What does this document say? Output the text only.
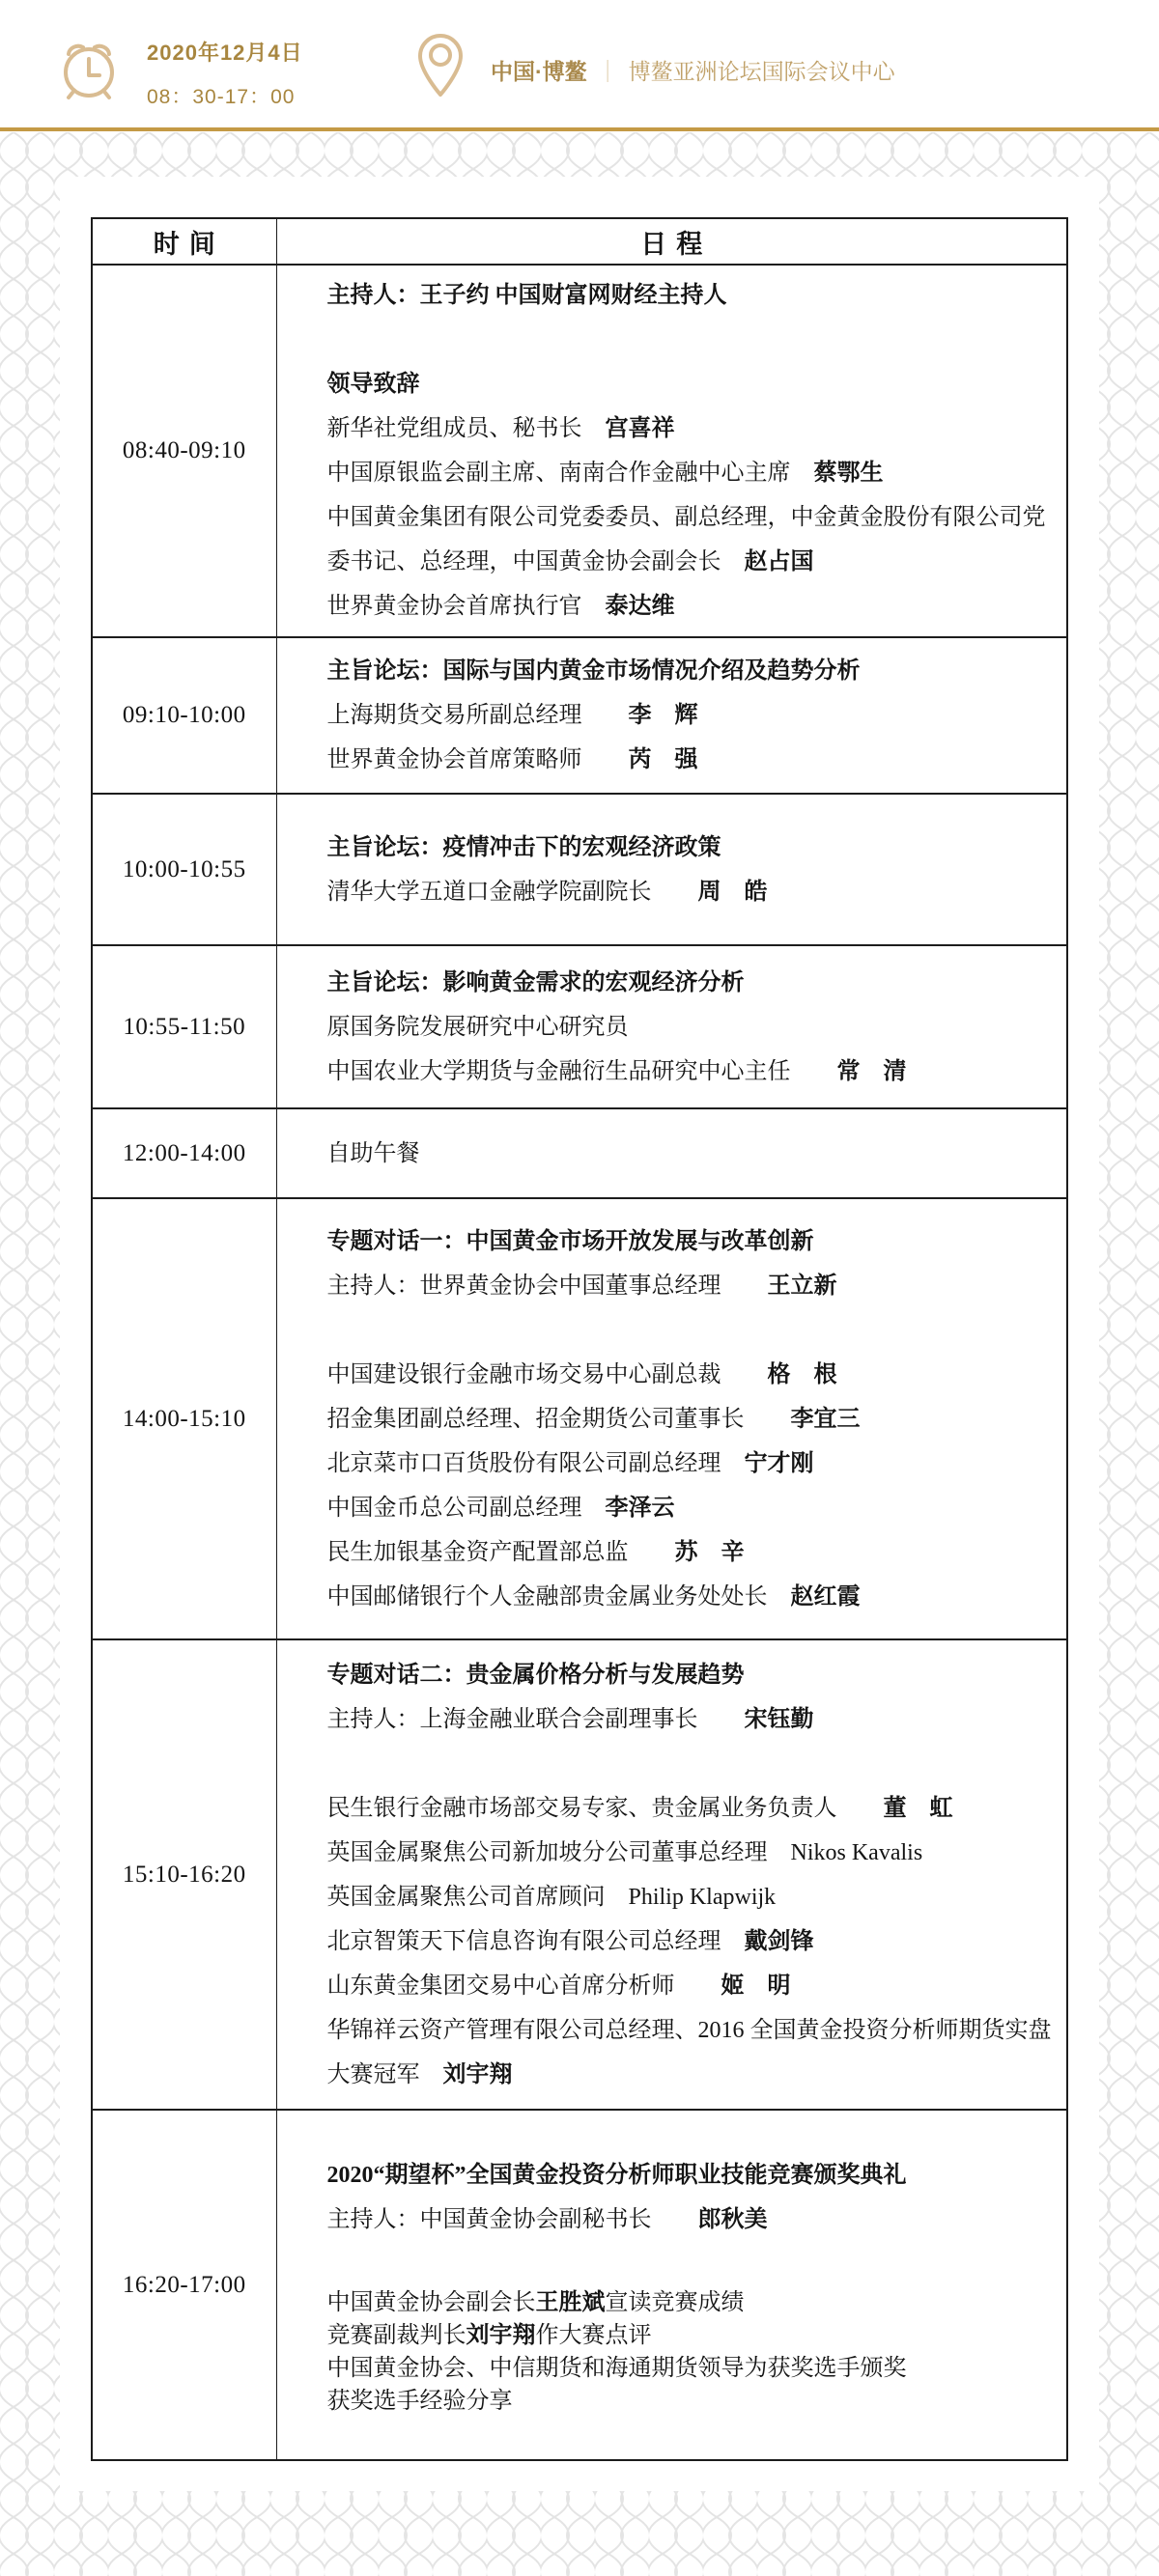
2020年12月4日
08：30-17：00
中国·博鳌 ｜ 博鳌亚洲论坛国际会议中心
时间	日程
08:40-09:10	
主持人：王子约 中国财富网财经主持人

领导致辞
新华社党组成员、秘书长　宫喜祥
中国原银监会副主席、南南合作金融中心主席　蔡鄂生
中国黄金集团有限公司党委委员、副总经理，中金黄金股份有限公司党委书记、总经理，中国黄金协会副会长　赵占国
世界黄金协会首席执行官　泰达维

09:10-10:00	主旨论坛：国际与国内黄金市场情况介绍及趋势分析
上海期货交易所副总经理　　李　辉
世界黄金协会首席策略师　　芮　强

10:00-10:55	主旨论坛：疫情冲击下的宏观经济政策
清华大学五道口金融学院副院长　　周　皓

10:55-11:50	主旨论坛：影响黄金需求的宏观经济分析
原国务院发展研究中心研究员
中国农业大学期货与金融衍生品研究中心主任　　常　清

12:00-14:00	自助午餐

14:00-15:10	
专题对话一：中国黄金市场开放发展与改革创新
主持人：世界黄金协会中国董事总经理　　王立新

中国建设银行金融市场交易中心副总裁　　格　根
招金集团副总经理、招金期货公司董事长　　李宜三
北京菜市口百货股份有限公司副总经理　宁才刚
中国金币总公司副总经理　李泽云
民生加银基金资产配置部总监　　苏　辛
中国邮储银行个人金融部贵金属业务处处长　赵红霞

15:10-16:20	
专题对话二：贵金属价格分析与发展趋势
主持人：上海金融业联合会副理事长　　宋钰勤

民生银行金融市场部交易专家、贵金属业务负责人　　董　虹
英国金属聚焦公司新加坡分公司董事总经理　Nikos Kavalis
英国金属聚焦公司首席顾问　Philip Klapwijk
北京智策天下信息咨询有限公司总经理　戴剑锋
山东黄金集团交易中心首席分析师　　姬　明
华锦祥云资产管理有限公司总经理、2016 全国黄金投资分析师期货实盘大赛冠军　刘宇翔

16:20-17:00	
2020“期望杯”全国黄金投资分析师职业技能竞赛颁奖典礼
主持人：中国黄金协会副秘书长　　郎秋美

中国黄金协会副会长王胜斌宣读竞赛成绩
竞赛副裁判长刘宇翔作大赛点评
中国黄金协会、中信期货和海通期货领导为获奖选手颁奖
获奖选手经验分享
